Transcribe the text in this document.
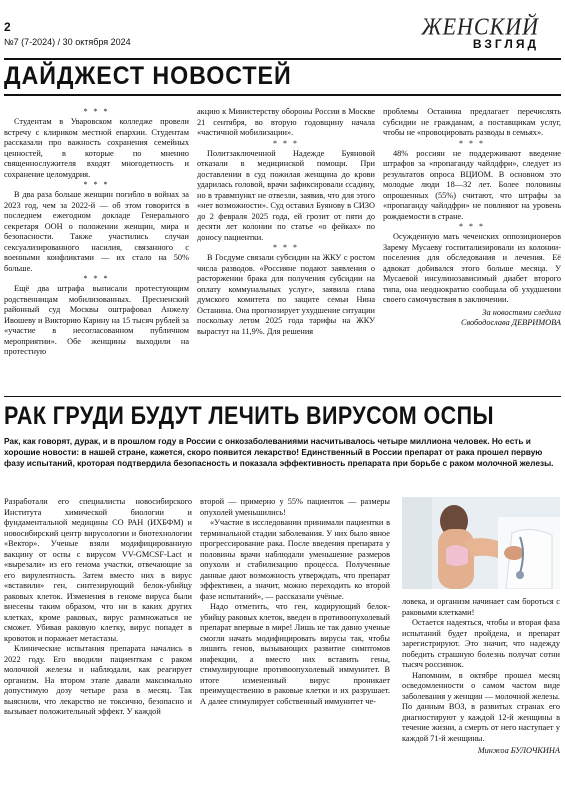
2
№7 (7-2024) / 30 октября 2024
ЖЕНСКИЙ
ВЗГЛЯД
ДАЙДЖЕСТ НОВОСТЕЙ
* * *

Студентам в Уваровском колледже провели встречу с клириком местной епархии. Студентам рассказали про важность сохранения семейных ценностей, в которые по мнению священнослужителя входят многодетность и сохранение целомудрия.

* * *

В два раза больше женщин погибло в войнах за 2023 год, чем за 2022-й — об этом говорится в последнем ежегодном докладе Генерального секретаря ООН о положении женщин, мира и безопасности. Также участились случаи сексуализированного насилия, связанного с военными конфликтами — их стало на 50% больше.

* * *

Ещё два штрафа выписали протестующим родственницам мобилизованных. Пресненский районный суд Москвы оштрафовал Анжелу Ивошеву и Викторию Карину на 15 тысяч рублей за «участие в несогласованном публичном мероприятии». Обе женщины выходили на протестную

акцию к Министерству обороны России в Москве 21 сентября, во вторую годовщину начала «частичной мобилизации».

* * *

Политзаключенной Надежде Буяновой отказали в медицинской помощи. При доставлении в суд пожилая женщина до крови ударилась головой, врачи зафиксировали ссадину, но в травмпункт не отвезли, заявив, что для этого «нет возможности». Суд оставил Буянову в СИЗО до 2 февраля 2025 года, ей грозит от пяти до десяти лет колонии по статье «о фейках» по доносу пациентки.

* * *

В Госдуме связали субсидии на ЖКУ с ростом числа разводов. «Россияне подают заявления о расторжении брака для получения субсидии на оплату коммунальных услуг», заявила глава думского комитета по защите семьи Нина Останина. Она прогнозирует ухудшение ситуации поскольку летом 2025 года тарифы на ЖКУ вырастут на 11,9%. Для решения

проблемы Останина предлагает перечислять субсидии не гражданам, а поставщикам услуг, чтобы не «провоцировать разводы в семьях».

* * *

48% россиян не поддерживают введение штрафов за «пропаганду чайлдфри», следует из результатов опроса ВЦИОМ. В основном это молодые люди 18—32 лет. Более половины опрошенных (55%) считают, что штрафы за «пропаганду чайлдфри» не повлияют на уровень рождаемости в стране.

* * *

Осужденную мать чеченских оппозиционеров Зарему Мусаеву госпитализировали из колонии-поселения для обследования и лечения. Её адвокат добивался этого больше месяца. У Мусаевой инсулинозависимый диабет второго типа, она неоднократно сообщала об ухудшении своего самочувствия в заключении.

За новостями следила
Свободослава ДЕВРИМОВА
РАК ГРУДИ БУДУТ ЛЕЧИТЬ ВИРУСОМ ОСПЫ

Рак, как говорят, дурак, и в прошлом году в России с онкозаболеваниями насчитывалось четыре миллиона человек. Но есть и хорошие новости: в нашей стране, кажется, скоро появится лекарство! Единственный в России препарат от рака прошел первую фазу испытаний, кроторая подтвердила безопасность и показала эффективность препарата при борьбе с раком молочной железы.

Разработали его специалисты новосибирского Института химической биологии и фундаментальной медицины СО РАН (ИХБФМ) и новосибирский центр вирусологии и биотехнологии «Вектор». Ученые взяли модифицированную вакцину от оспы с вирусом VV-GMCSF-Lact и «вырезали» из его генома участки, отвечающие за его вирулентность. Затем вместо них в вирус «вставили» ген, синтезирующий белок-убийцу раковых клеток. Изменения в геноме вируса были внесены таким образом, что ни в каких других клетках, кроме раковых, вирус размножаться не сможет. Убивая раковую клетку, вирус попадет в кровоток и поражает метастазы.

Клинические испытания препарата начались в 2022 году. Его вводили пациенткам с раком молочной железы и наблюдали, как реагирует организм. На втором этапе давали максимально допустимую дозу четыре раза в месяц. Так выяснили, что лекарство не токсично, безопасно и вызывает положительный эффект. У каждой

второй — примерно у 55% пациенток — размеры опухолей уменьшились!

«Участие в исследовании принимали пациентки в терминальной стадии заболевания. У них было явное прогрессирование рака. После введения препарата у половины врачи наблюдали уменьшение размеров опухоли и стабилизацию процесса. Полученные данные дают возможность утверждать, что препарат эффективен, а значит, можно переходить ко второй фазе испытаний», — рассказали учёные.

Надо отметить, что ген, кодирующий белок-убийцу раковых клеток, введен в противоопухолевый препарат впервые в мире! Лишь не так давно ученые смогли начать модифицировать вирусы так, чтобы лишить генов, вызывающих развитие симптомов инфекции, а вместо них вставить гены, стимулирующие противоопухолевый иммунитет. В итоге измененный вирус проникает преимущественно в раковые клетки и их разрушает. А далее стимулирует собственный иммунитет че-

ловека, и организм начинает сам бороться с раковыми клетками!

Остается надеяться, чтобы и вторая фаза испытаний будет пройдена, и препарат зарегистрируют. Это значит, что надежду победить страшную болезнь получат сотни тысяч россиянок.

Напомним, в октябре прошел месяц осведомленности о самом частом виде заболевания у женщин — молочной железы. По данным ВОЗ, в развитых странах его диагностируют у каждой 12-й женщины в течение жизни, а смерть от него наступает у каждой 71-й женщины.

Минжоа БУЛОЧКИНА
